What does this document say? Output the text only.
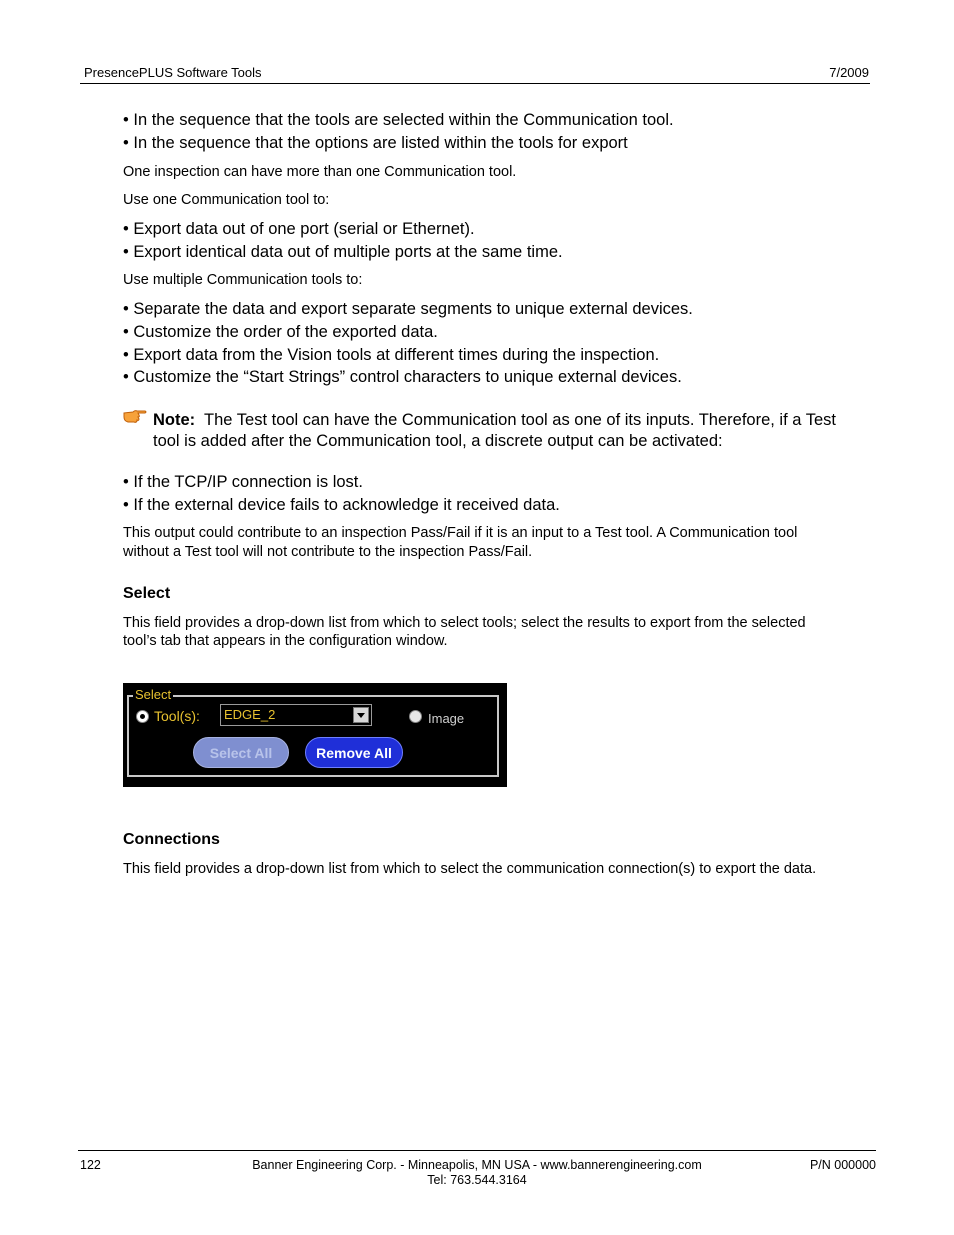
PresencePLUS Software Tools	7/2009
• In the sequence that the tools are selected within the Communication tool.
• In the sequence that the options are listed within the tools for export
One inspection can have more than one Communication tool.
Use one Communication tool to:
• Export data out of one port (serial or Ethernet).
• Export identical data out of multiple ports at the same time.
Use multiple Communication tools to:
• Separate the data and export separate segments to unique external devices.
• Customize the order of the exported data.
• Export data from the Vision tools at different times during the inspection.
• Customize the “Start Strings” control characters to unique external devices.
Note: The Test tool can have the Communication tool as one of its inputs. Therefore, if a Test
tool is added after the Communication tool, a discrete output can be activated:
• If the TCP/IP connection is lost.
• If the external device fails to acknowledge it received data.
This output could contribute to an inspection Pass/Fail if it is an input to a Test tool. A Communication tool
without a Test tool will not contribute to the inspection Pass/Fail.
Select
This field provides a drop-down list from which to select tools; select the results to export from the selected
tool’s tab that appears in the configuration window.
Select
Tool(s): EDGE_2	Image
Select All	Remove All
Connections
This field provides a drop-down list from which to select the communication connection(s) to export the data.
122	Banner Engineering Corp. - Minneapolis, MN USA - www.bannerengineering.com
Tel: 763.544.3164
P/N 000000
